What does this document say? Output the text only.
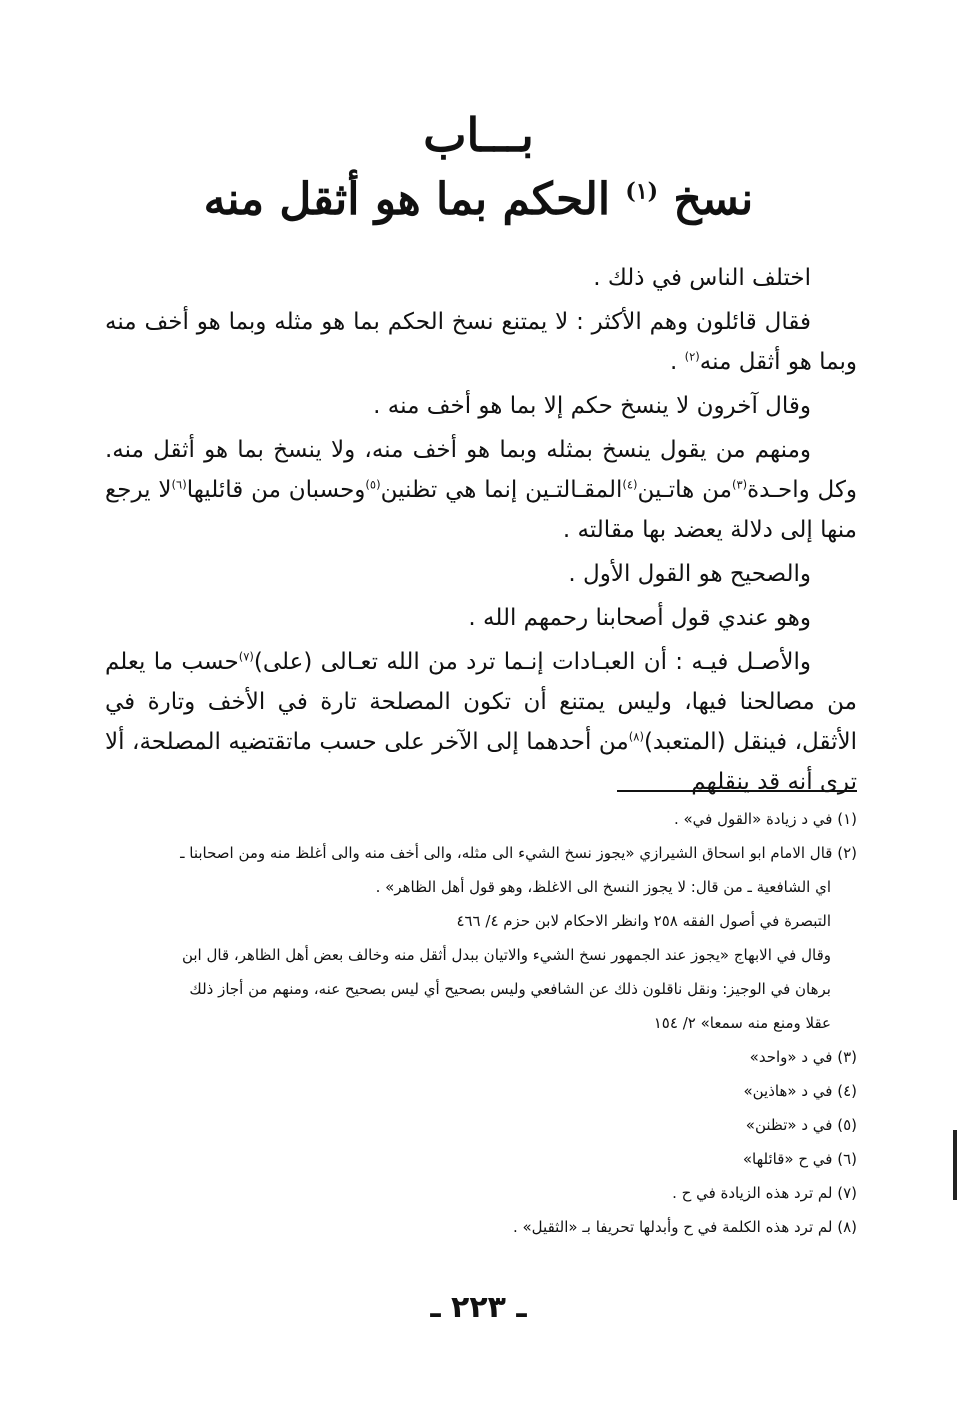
بـــاب
نسخ $^{(١)}$ الحكم بما هو أثقل منه

اختلف الناس في ذلك .

فقال قائلون وهم الأكثر : لا يمتنع نسخ الحكم بما هو مثله وبما هو أخف منه وبما هو أثقل منه$^{(٢)}$ .

وقال آخرون لا ينسخ حكم إلا بما هو أخف منه .

ومنهم من يقول ينسخ بمثله وبما هو أخف منه، ولا ينسخ بما هو أثقل منه. وكل واحـدة$^{(٣)}$من هاتـين$^{(٤)}$المقـالتـين إنما هي تظنين$^{(٥)}$وحسبان من قائليها$^{(٦)}$لا يرجع منها إلى دلالة يعضد بها مقالته .

والصحيح هو القول الأول .

وهو عندي قول أصحابنا رحمهم الله .

والأصـل فيـه : أن العبـادات إنـما ترد من الله تعـالى (على)$^{(٧)}$حسب ما يعلم من مصالحنا فيها، وليس يمتنع أن تكون المصلحة تارة في الأخف وتارة في الأثقل، فينقل (المتعبد)$^{(٨)}$من أحدهما إلى الآخر على حسب ماتقتضيه المصلحة، ألا ترى أنه قد ينقلهم

(١) في د زيادة «القول في» .
(٢) قال الامام ابو اسحاق الشيرازي «يجوز نسخ الشيء الى مثله، والى أخف منه والى أغلظ منه ومن اصحابنا ـ
اي الشافعية ـ من قال: لا يجوز النسخ الى الاغلظ، وهو قول أهل الظاهر» .
التبصرة في أصول الفقه ٢٥٨ وانظر الاحكام لابن حزم ٤/ ٤٦٦
وقال في الابهاج «يجوز عند الجمهور نسخ الشيء والاتيان ببدل أثقل منه وخالف بعض أهل الظاهر، قال ابن
برهان في الوجيز: ونقل ناقلون ذلك عن الشافعي وليس بصحيح أي ليس بصحيح عنه، ومنهم من أجاز ذلك
عقلا ومنع منه سمعا» ٢/ ١٥٤
(٣) في د «واحد»
(٤) في د «هاذين»
(٥) في د «تظنن»
(٦) في ح «قائلها»
(٧) لم ترد هذه الزيادة في ح .
(٨) لم ترد هذه الكلمة في ح وأبدلها تحريفا بـ «الثقيل» .
ـ ٢٢٣ ـ
